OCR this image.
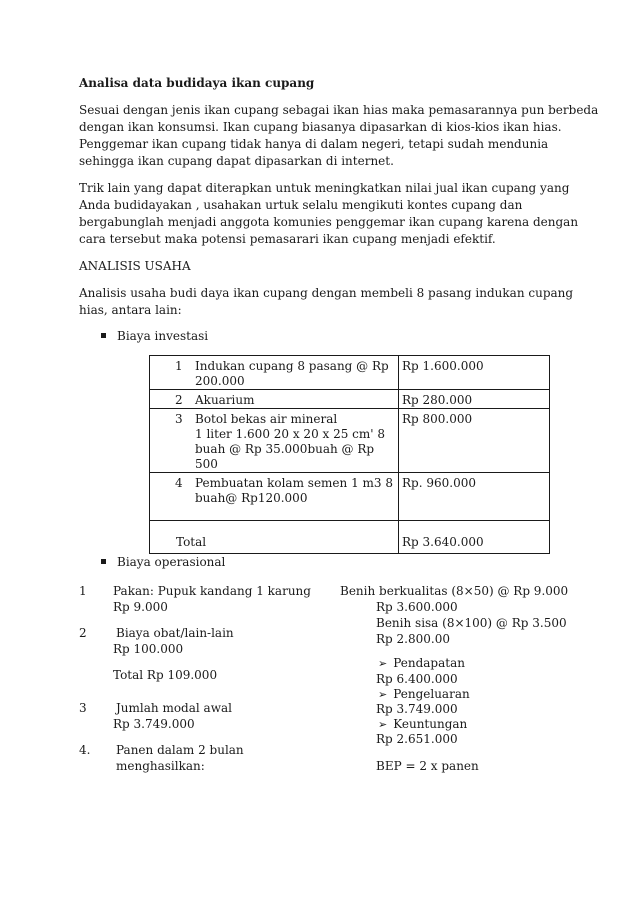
Analisa data budidaya ikan cupang
Sesuai dengan jenis ikan cupang sebagai ikan hias maka pemasarannya pun berbeda
dengan ikan konsumsi. Ikan cupang biasanya dipasarkan di kios-kios ikan hias.
Penggemar ikan cupang tidak hanya di dalam negeri, tetapi sudah mendunia
sehingga ikan cupang dapat dipasarkan di internet.
Trik lain yang dapat diterapkan untuk meningkatkan nilai jual ikan cupang yang
Anda budidayakan , usahakan urtuk selalu mengikuti kontes cupang dan
bergabunglah menjadi anggota komunies penggemar ikan cupang karena dengan
cara tersebut maka potensi pemasarari ikan cupang menjadi efektif.
ANALISIS USAHA
Analisis usaha budi daya ikan cupang dengan membeli 8 pasang indukan cupang
hias, antara lain:
Biaya investasi
1 Indukan cupang 8 pasang @ Rp
200.000	Rp 1.600.000

2 Akuarium	Rp 280.000

3 Botol bekas air mineral
1 liter 1.600 20 x 20 x 25 cm' 8
buah @ Rp 35.000buah @ Rp 500	Rp 800.000

4 Pembuatan kolam semen 1 m3 8
buah@ Rp120.000	Rp. 960.000

Total	Rp 3.640.000
Biaya operasional
1 Pakan: Pupuk kandang 1 karung
Rp 9.000
2 Biaya obat/lain-lain
Rp 100.000
Total Rp 109.000
3 Jumlah modal awal
Rp 3.749.000
4. Panen dalam 2 bulan
menghasilkan:
Benih berkualitas (8×50) @ Rp 9.000
Rp 3.600.000
Benih sisa (8×100) @ Rp 3.500
Rp 2.800.00
➢ Pendapatan
Rp 6.400.000
➢ Pengeluaran
Rp 3.749.000
➢ Keuntungan
Rp 2.651.000
BEP = 2 x panen
